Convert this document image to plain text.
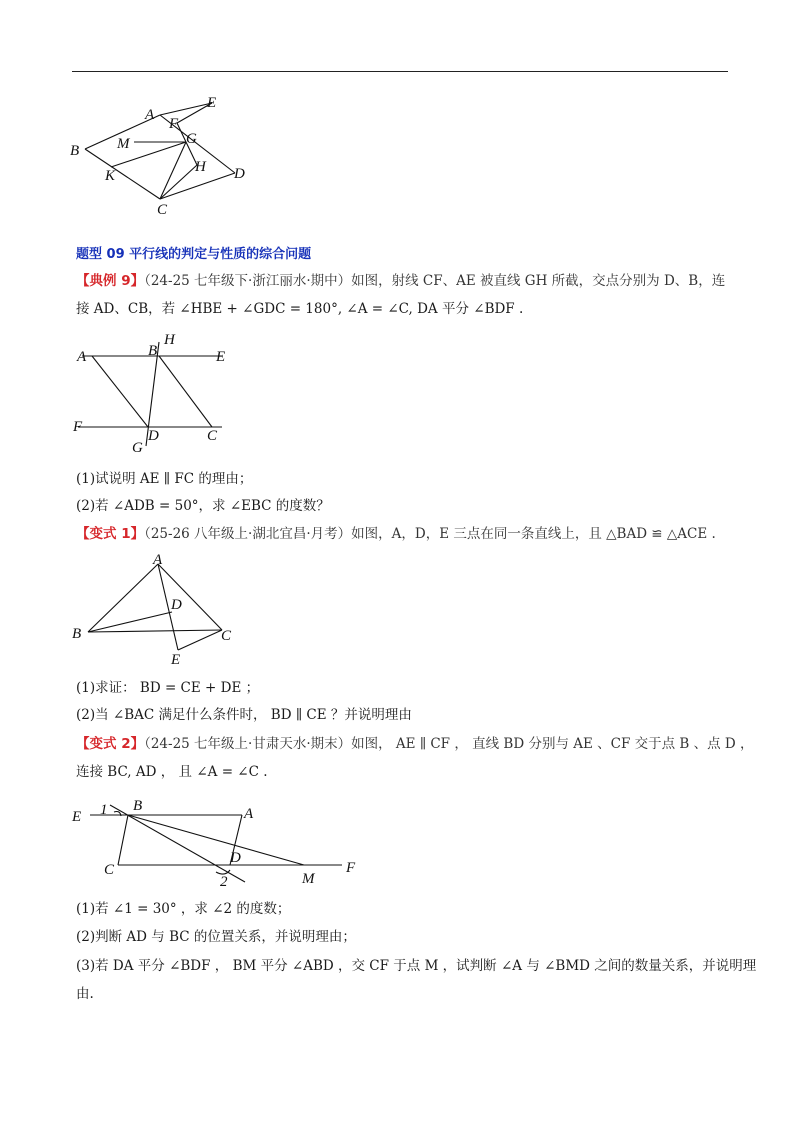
A
E
F
G
M
B
H
K	D
C
题型 09 平行线的判定与性质的综合问题
【典例 9】（24-25 七年级下·浙江丽水·期中）如图，射线 CF、AE 被直线 GH 所截，交点分别为 D、B，连
接 AD、CB，若 ∠HBE + ∠GDC = 180°, ∠A = ∠C, DA 平分 ∠BDF .
A	B
H
E
F
D	C
G
(1)试说明 AE ∥ FC 的理由；
(2)若 ∠ADB = 50°，求 ∠EBC 的度数？
【变式 1】（25-26 八年级上·湖北宜昌·月考）如图，A，D，E 三点在同一条直线上，且 △BAD ≌ △ACE .
A
D
B	C
E
(1)求证： BD = CE + DE ；
(2)当 ∠BAC 满足什么条件时， BD ∥ CE ？并说明理由
【变式 2】（24-25 七年级上·甘肃天水·期末）如图， AE ∥ CF ， 直线 BD 分别与 AE 、CF 交于点 B 、点 D ，
连接 BC, AD ， 且 ∠A = ∠C .
E 1 B	A
C
D
2	M
F
(1)若 ∠1 = 30° ，求 ∠2 的度数；
(2)判断 AD 与 BC 的位置关系，并说明理由；
(3)若 DA 平分 ∠BDF ， BM 平分 ∠ABD ，交 CF 于点 M ，试判断 ∠A 与 ∠BMD 之间的数量关系，并说明理
由.
